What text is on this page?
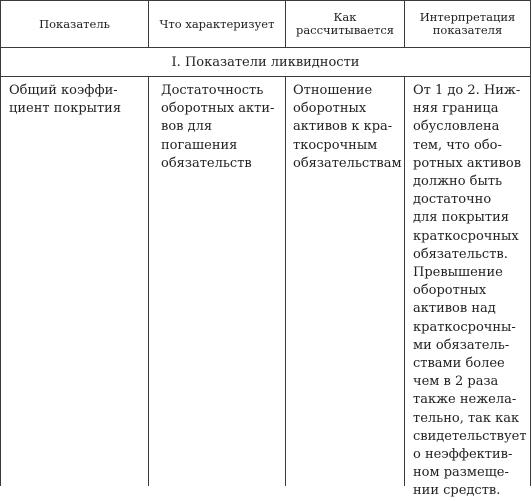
Показатель	Что характеризует	Как
рассчитывается
Интерпретация
показателя
I. Показатели ликвидности
Общий коэффи-
циент покрытия
Достаточность
оборотных акти-
вов для погашения
обязательств
Отношение
оборотных
активов к кра-
ткосрочным
обязательствам
От 1 до 2. Ниж-
няя граница
обусловлена
тем, что обо-
ротных активов
должно быть
достаточно
для покрытия
краткосрочных
обязательств.
Превышение
оборотных
активов над
краткосрочны-
ми обязатель-
ствами более
чем в 2 раза
также нежела-
тельно, так как
свидетельствует
о неэффектив-
ном размеще-
нии средств.
